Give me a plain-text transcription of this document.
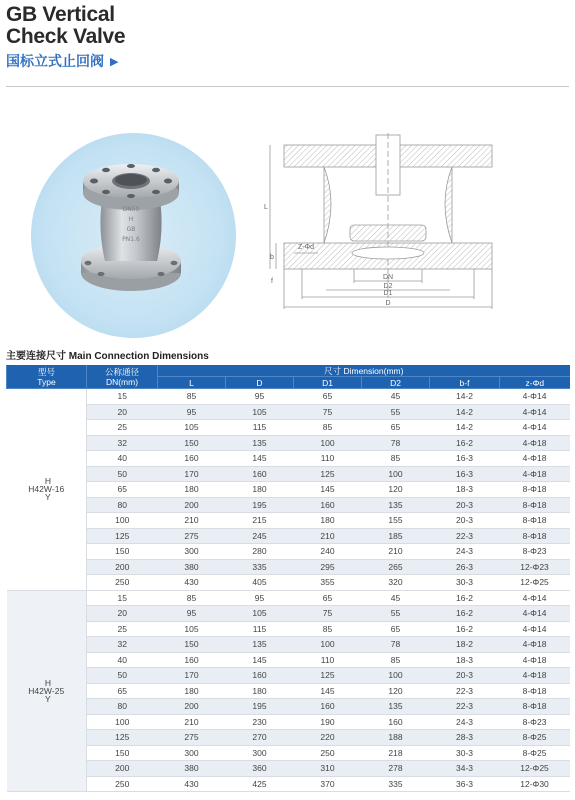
GB Vertical
Check Valve
国标立式止回阀 ▶
DN50
H
GB
PN1.6
DN
D2
D1
D
Z-Φd
L
b
f
主要连接尺寸 Main Connection Dimensions
型号
Type	公称通径
DN(mm)	尺寸 Dimension(mm)					
		L	D	D1	D2	b-f	z-Φd

H42
H
W
Y
-16	15	85	95	65	45	14-2	4-Φ14
	20	95	105	75	55	14-2	4-Φ14
	25	105	115	85	65	14-2	4-Φ14
	32	150	135	100	78	16-2	4-Φ18
	40	160	145	110	85	16-3	4-Φ18
	50	170	160	125	100	16-3	4-Φ18
	65	180	180	145	120	18-3	8-Φ18
	80	200	195	160	135	20-3	8-Φ18
	100	210	215	180	155	20-3	8-Φ18
	125	275	245	210	185	22-3	8-Φ18
	150	300	280	240	210	24-3	8-Φ23
	200	380	335	295	265	26-3	12-Φ23
	250	430	405	355	320	30-3	12-Φ25

H42
H
W
Y
-25	15	85	95	65	45	16-2	4-Φ14
	20	95	105	75	55	16-2	4-Φ14
	25	105	115	85	65	16-2	4-Φ14
	32	150	135	100	78	18-2	4-Φ18
	40	160	145	110	85	18-3	4-Φ18
	50	170	160	125	100	20-3	4-Φ18
	65	180	180	145	120	22-3	8-Φ18
	80	200	195	160	135	22-3	8-Φ18
	100	210	230	190	160	24-3	8-Φ23
	125	275	270	220	188	28-3	8-Φ25
	150	300	300	250	218	30-3	8-Φ25
	200	380	360	310	278	34-3	12-Φ25
	250	430	425	370	335	36-3	12-Φ30
